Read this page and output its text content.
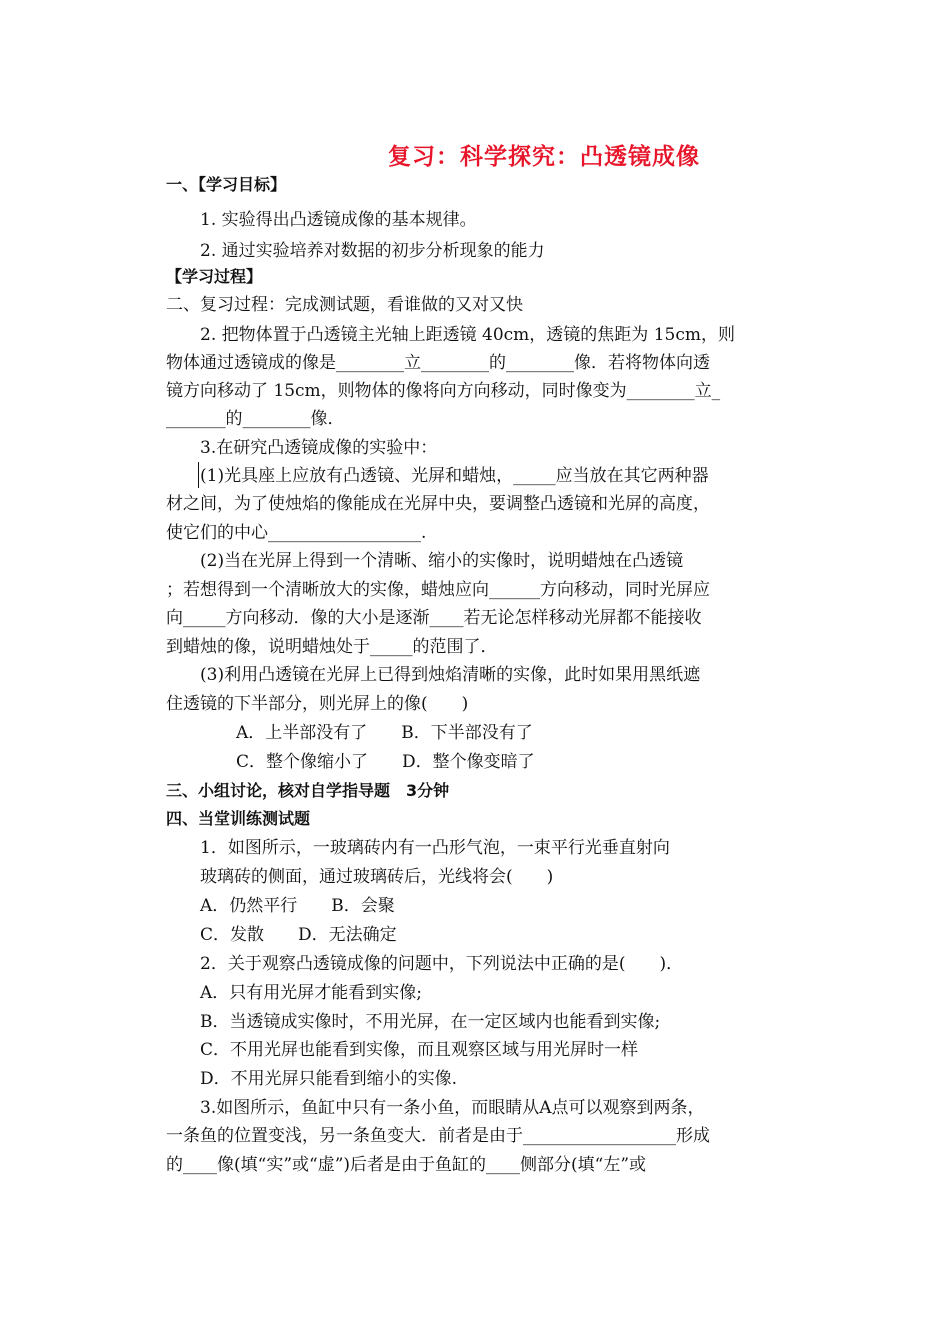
复习：科学探究：凸透镜成像
一、【学习目标】
1. 实验得出凸透镜成像的基本规律。
2. 通过实验培养对数据的初步分析现象的能力
【学习过程】
二、复习过程：完成测试题，看谁做的又对又快
2. 把物体置于凸透镜主光轴上距透镜 40cm，透镜的焦距为 15cm，则
物体通过透镜成的像是________立________的________像．若将物体向透
镜方向移动了 15cm，则物体的像将向方向移动，同时像变为________立_
_______的________像．
3.在研究凸透镜成像的实验中：
(1)光具座上应放有凸透镜、光屏和蜡烛，_____应当放在其它两种器
材之间，为了使烛焰的像能成在光屏中央，要调整凸透镜和光屏的高度，
使它们的中心__________________.
(2)当在光屏上得到一个清晰、缩小的实像时，说明蜡烛在凸透镜
；若想得到一个清晰放大的实像，蜡烛应向______方向移动，同时光屏应
向_____方向移动．像的大小是逐渐____若无论怎样移动光屏都不能接收
到蜡烛的像，说明蜡烛处于_____的范围了．
(3)利用凸透镜在光屏上已得到烛焰清晰的实像，此时如果用黑纸遮
住透镜的下半部分，则光屏上的像(　　)
A．上半部没有了　　B．下半部没有了
C．整个像缩小了　　D．整个像变暗了
三、小组讨论，核对自学指导题　3分钟
四、当堂训练测试题
1．如图所示，一玻璃砖内有一凸形气泡，一束平行光垂直射向
玻璃砖的侧面，通过玻璃砖后，光线将会(　　)
A．仍然平行　　B．会聚
C．发散　　D．无法确定
2．关于观察凸透镜成像的问题中，下列说法中正确的是(　　)．
A．只有用光屏才能看到实像;
B．当透镜成实像时，不用光屏，在一定区域内也能看到实像;
C．不用光屏也能看到实像，而且观察区域与用光屏时一样
D．不用光屏只能看到缩小的实像.
3.如图所示，鱼缸中只有一条小鱼，而眼睛从A点可以观察到两条，
一条鱼的位置变浅，另一条鱼变大．前者是由于__________________形成
的____像(填“实”或“虚”)后者是由于鱼缸的____侧部分(填“左”或
